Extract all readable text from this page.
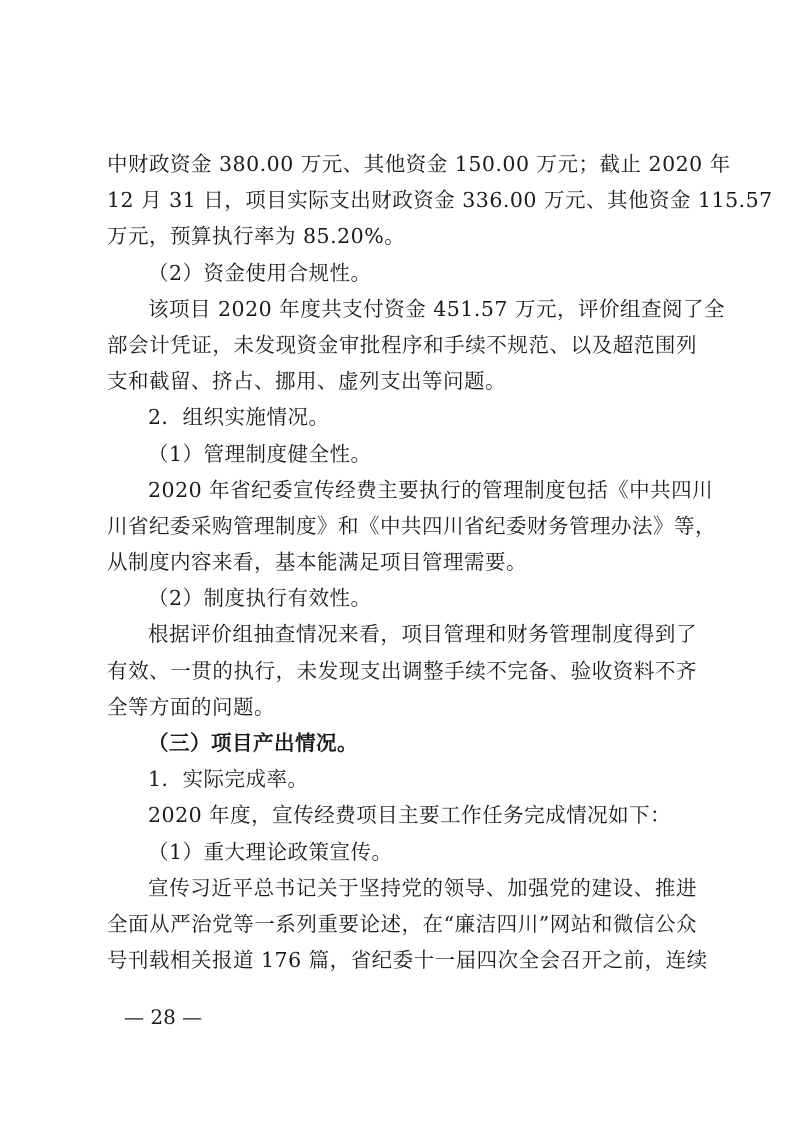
中财政资金 380.00 万元、其他资金 150.00 万元；截止 2020 年
12 月 31 日，项目实际支出财政资金 336.00 万元、其他资金 115.57
万元，预算执行率为 85.20%。
（2）资金使用合规性。
该项目 2020 年度共支付资金 451.57 万元，评价组查阅了全
部会计凭证，未发现资金审批程序和手续不规范、以及超范围列
支和截留、挤占、挪用、虚列支出等问题。
2．组织实施情况。
（1）管理制度健全性。
2020 年省纪委宣传经费主要执行的管理制度包括《中共四川
川省纪委采购管理制度》和《中共四川省纪委财务管理办法》等，
从制度内容来看，基本能满足项目管理需要。
（2）制度执行有效性。
根据评价组抽查情况来看，项目管理和财务管理制度得到了
有效、一贯的执行，未发现支出调整手续不完备、验收资料不齐
全等方面的问题。
（三）项目产出情况。
1．实际完成率。
2020 年度，宣传经费项目主要工作任务完成情况如下：
（1）重大理论政策宣传。
宣传习近平总书记关于坚持党的领导、加强党的建设、推进
全面从严治党等一系列重要论述，在“廉洁四川”网站和微信公众
号刊载相关报道 176 篇，省纪委十一届四次全会召开之前，连续
— 28 —
